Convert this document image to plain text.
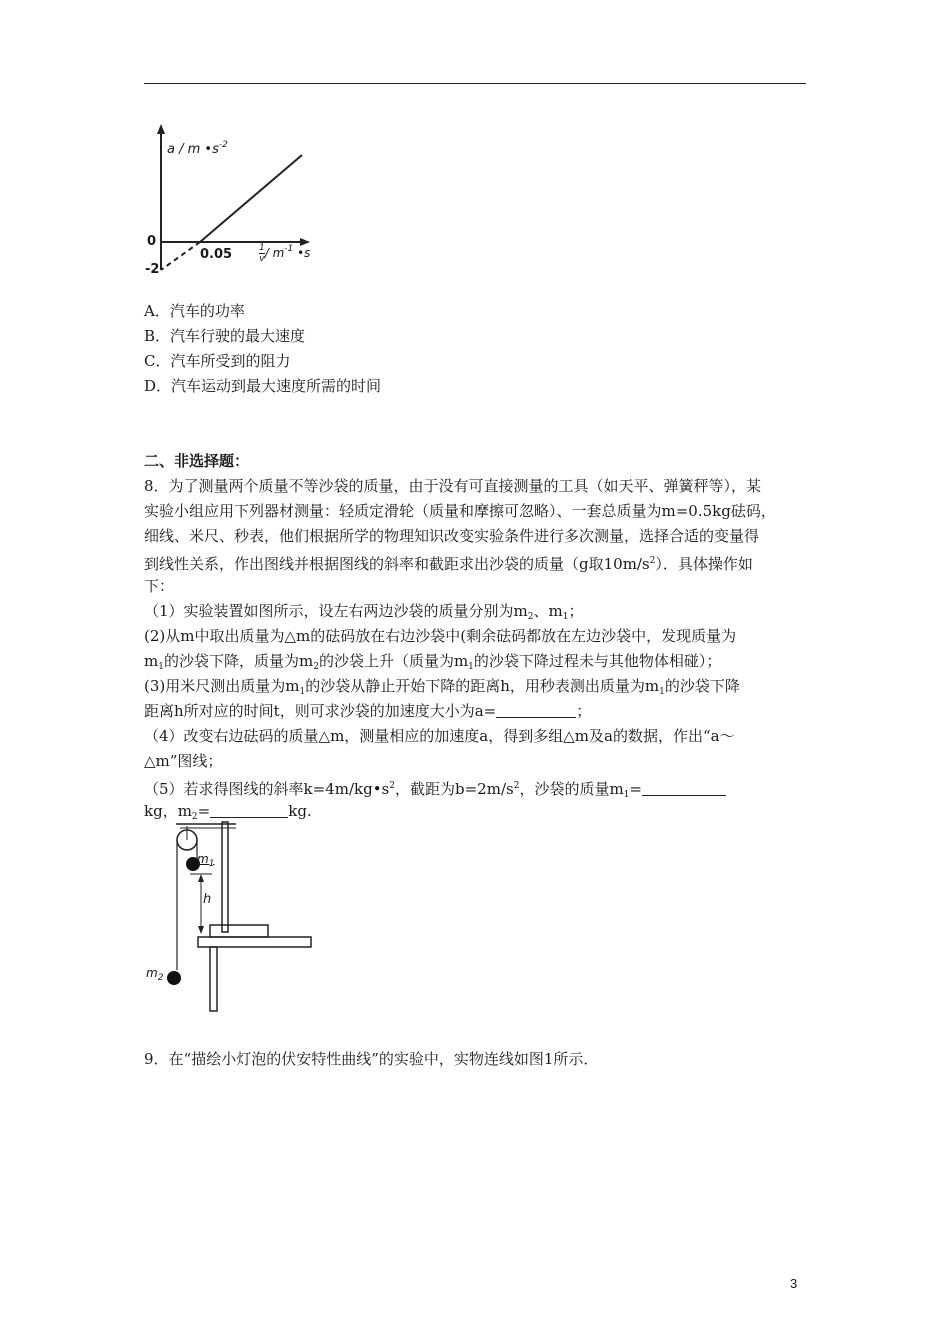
a / m $•s^{-2}$
0
-2
0.05	$\frac{1}{v} / m^{-1}$ •s
A．汽车的功率
B．汽车行驶的最大速度
C．汽车所受到的阻力
D．汽车运动到最大速度所需的时间
二、非选择题：
8．为了测量两个质量不等沙袋的质量，由于没有可直接测量的工具（如天平、弹簧秤等），某
实验小组应用下列器材测量：轻质定滑轮（质量和摩擦可忽略）、一套总质量为m=0.5kg砝码，
细线、米尺、秒表，他们根据所学的物理知识改变实验条件进行多次测量，选择合适的变量得
到线性关系，作出图线并根据图线的斜率和截距求出沙袋的质量（g取$10m/s^2$）．具体操作如
下：
（1）实验装置如图所示，设左右两边沙袋的质量分别为$m_2$、$m_1$；
(2)从m中取出质量为△m的砝码放在右边沙袋中(剩余砝码都放在左边沙袋中，发现质量为
$m_1$的沙袋下降，质量为$m_2$的沙袋上升（质量为$m_1$的沙袋下降过程未与其他物体相碰）；
(3)用米尺测出质量为$m_1$的沙袋从静止开始下降的距离h，用秒表测出质量为$m_1$的沙袋下降
距离h所对应的时间t，则可求沙袋的加速度大小为a=	；
（4）改变右边砝码的质量△m，测量相应的加速度a，得到多组△m及a的数据，作出“a～
△m”图线；
（5）若求得图线的斜率$k=4m/kg•s^2$，截距为$b=2m/s^2$，沙袋的质量$m_1=$
kg，$m_2=$	kg.
$m_1$
h
$m_2$
9．在“描绘小灯泡的伏安特性曲线”的实验中，实物连线如图1所示．
3
